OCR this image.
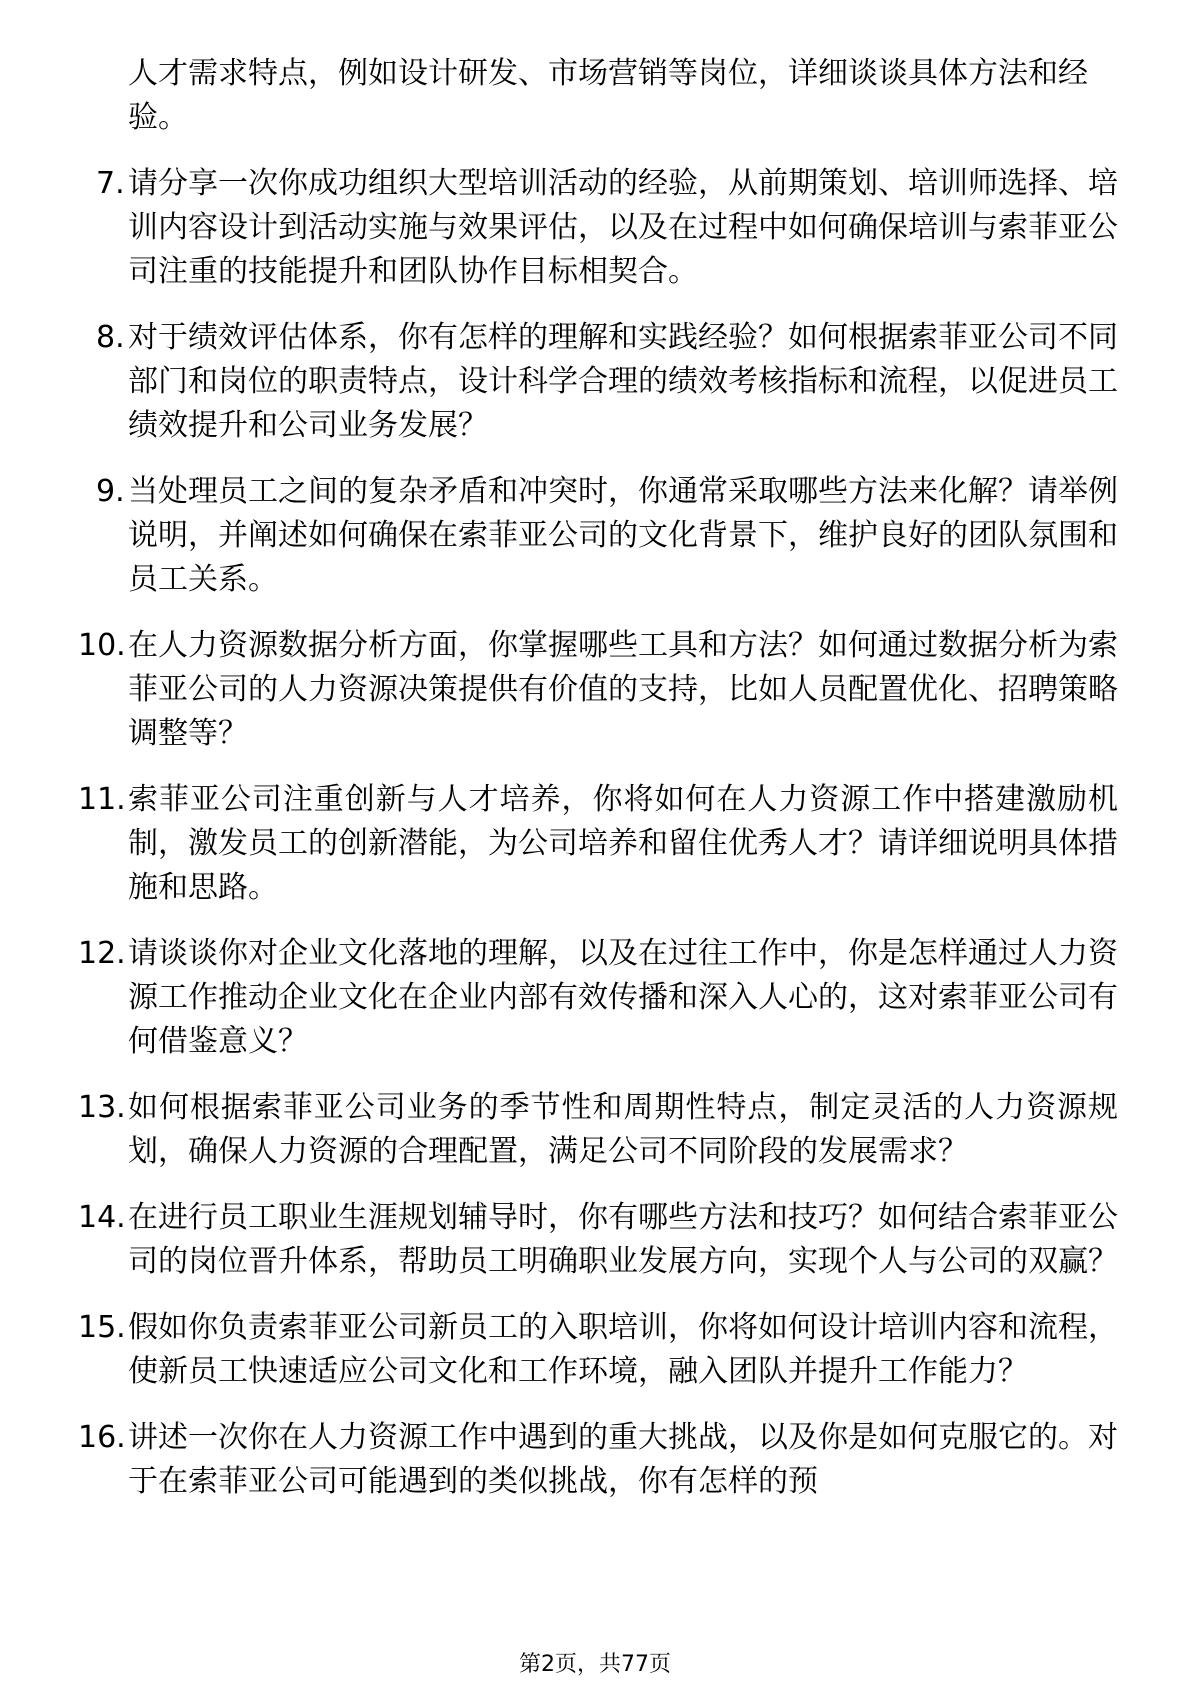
​

人才需求特点，例如设计研发、市场营销等岗位，详细谈谈具体方法和经验。

7. 请分享一次你成功组织大型培训活动的经验，从前期策划、培训师选择、培训内容设计到活动实施与效果评估，以及在过程中如何确保培训与索菲亚公司注重的技能提升和团队协作目标相契合。
8. 对于绩效评估体系，你有怎样的理解和实践经验？如何根据索菲亚公司不同部门和岗位的职责特点，设计科学合理的绩效考核指标和流程，以促进员工绩效提升和公司业务发展？
9. 当处理员工之间的复杂矛盾和冲突时，你通常采取哪些方法来化解？请举例说明，并阐述如何确保在索菲亚公司的文化背景下，维护良好的团队氛围和员工关系。
10. 在人力资源数据分析方面，你掌握哪些工具和方法？如何通过数据分析为索菲亚公司的人力资源决策提供有价值的支持，比如人员配置优化、招聘策略调整等？
11. 索菲亚公司注重创新与人才培养，你将如何在人力资源工作中搭建激励机制，激发员工的创新潜能，为公司培养和留住优秀人才？请详细说明具体措施和思路。
12. 请谈谈你对企业文化落地的理解，以及在过往工作中，你是怎样通过人力资源工作推动企业文化在企业内部有效传播和深入人心的，这对索菲亚公司有何借鉴意义？
13. 如何根据索菲亚公司业务的季节性和周期性特点，制定灵活的人力资源规划，确保人力资源的合理配置，满足公司不同阶段的发展需求？
14. 在进行员工职业生涯规划辅导时，你有哪些方法和技巧？如何结合索菲亚公司的岗位晋升体系，帮助员工明确职业发展方向，实现个人与公司的双赢？
15. 假如你负责索菲亚公司新员工的入职培训，你将如何设计培训内容和流程，使新员工快速适应公司文化和工作环境，融入团队并提升工作能力？
16. 讲述一次你在人力资源工作中遇到的重大挑战，以及你是如何克服它的。对于在索菲亚公司可能遇到的类似挑战，你有怎样的预
第2页，共77页
